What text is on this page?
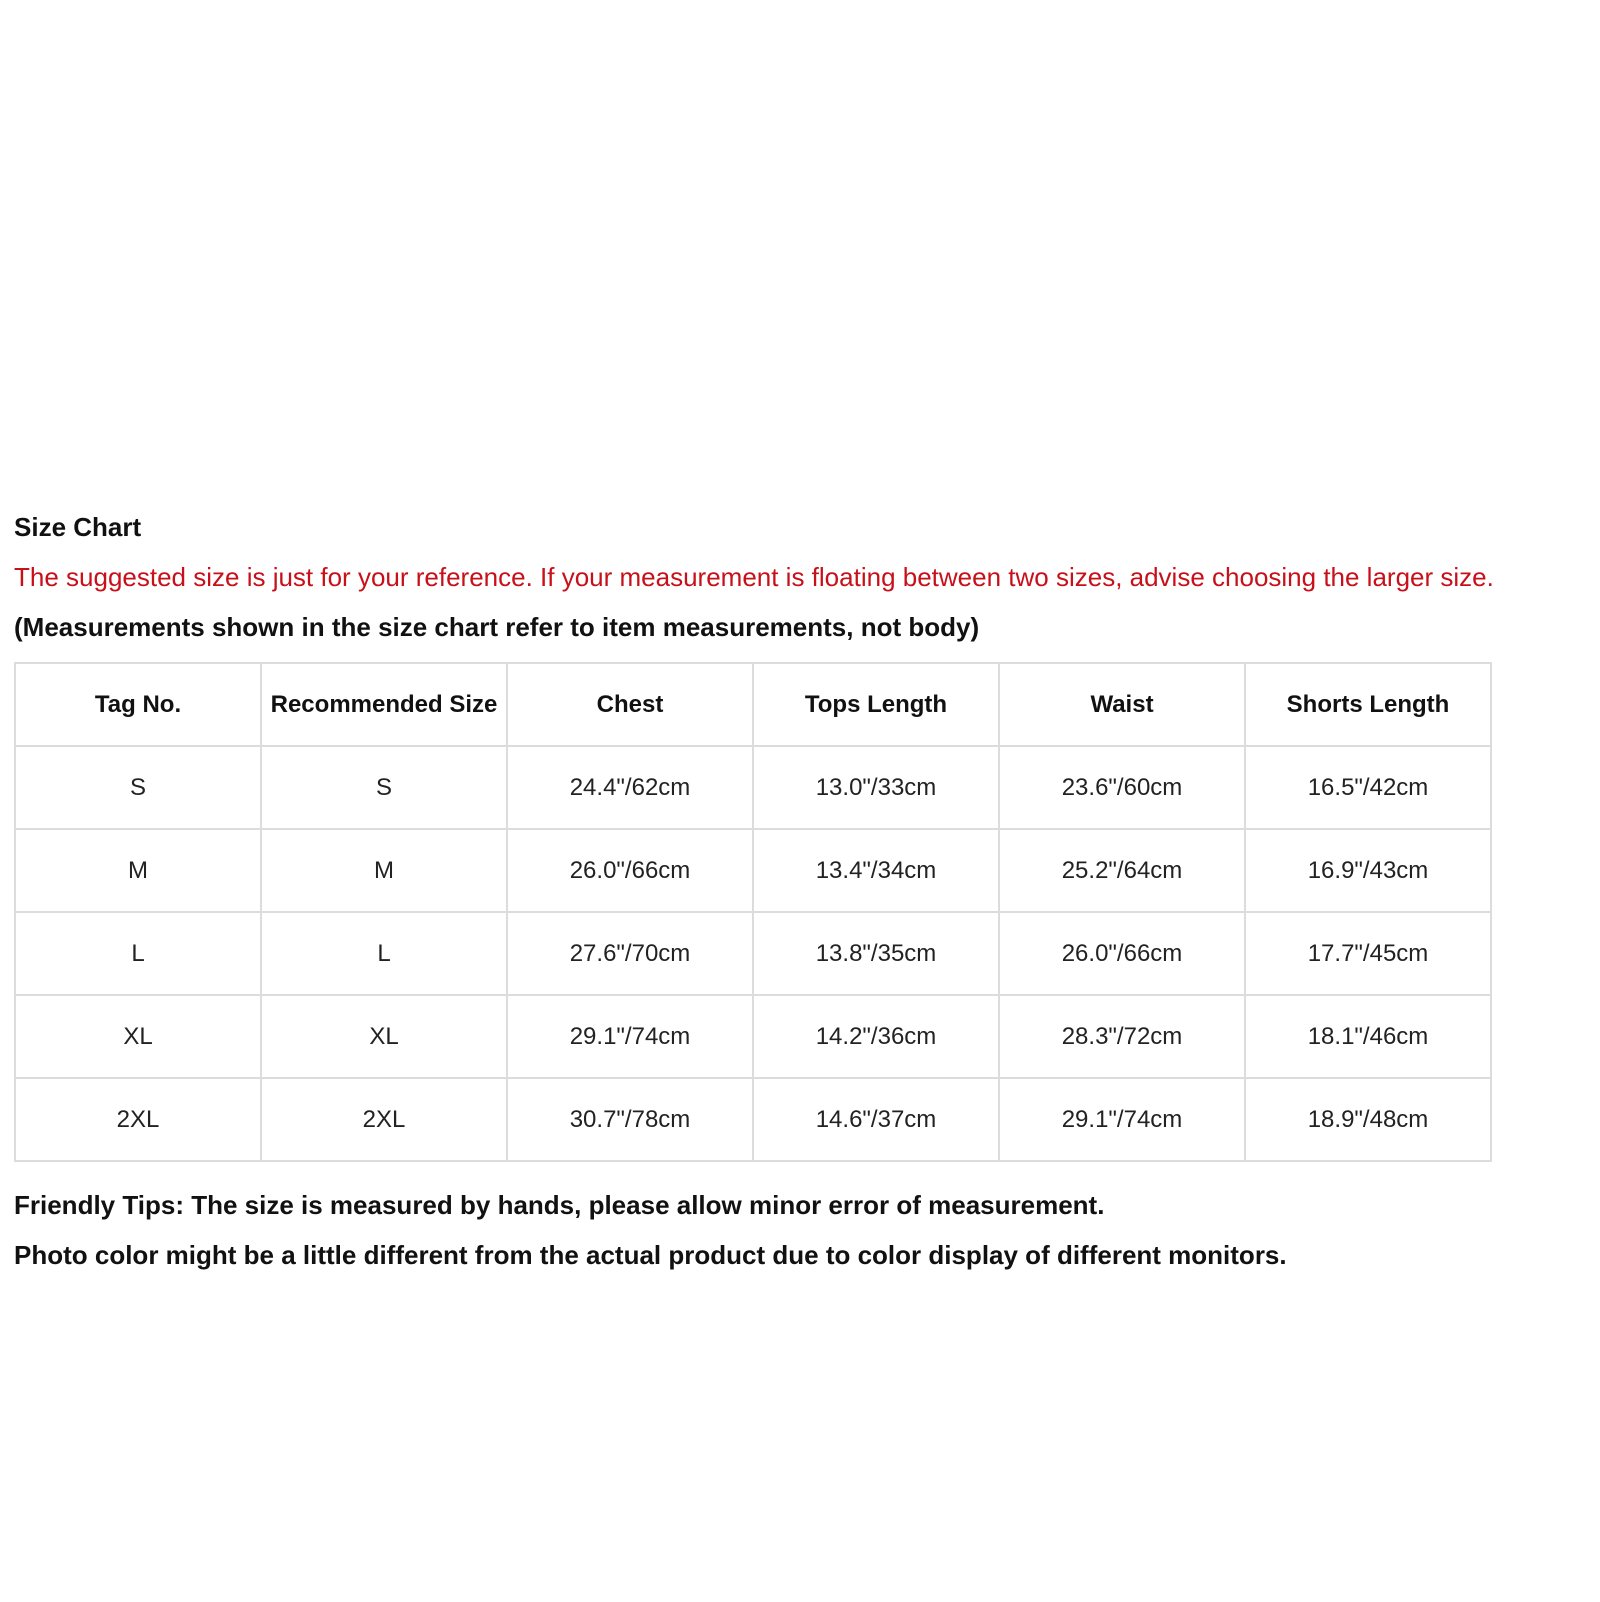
Size Chart
The suggested size is just for your reference. If your measurement is floating between two sizes, advise choosing the larger size.
(Measurements shown in the size chart refer to item measurements, not body)
Tag No.	Recommended Size	Chest	Tops Length	Waist	Shorts Length
S	S	24.4"/62cm	13.0"/33cm	23.6"/60cm	16.5"/42cm
M	M	26.0"/66cm	13.4"/34cm	25.2"/64cm	16.9"/43cm
L	L	27.6"/70cm	13.8"/35cm	26.0"/66cm	17.7"/45cm
XL	XL	29.1"/74cm	14.2"/36cm	28.3"/72cm	18.1"/46cm
2XL	2XL	30.7"/78cm	14.6"/37cm	29.1"/74cm	18.9"/48cm
Friendly Tips: The size is measured by hands, please allow minor error of measurement.
Photo color might be a little different from the actual product due to color display of different monitors.
